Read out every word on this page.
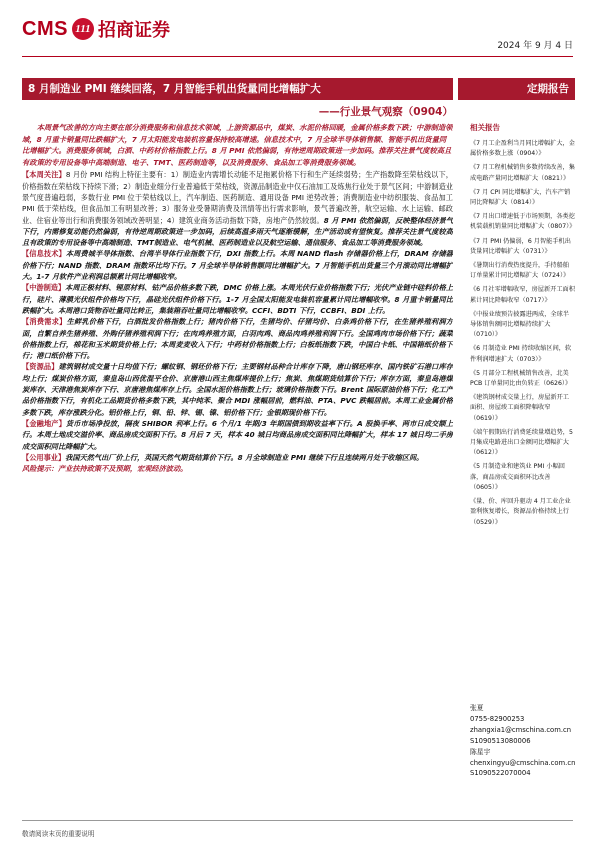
CMS 111 招商证券
2024 年 9 月 4 日
8 月制造业 PMI 继续回落，7 月智能手机出货量同比增幅扩大	定期报告
——行业景气观察（0904）

本周景气改善的方向主要在部分消费服务和信息技术领域，上游资源品中，煤炭、水泥价格回暖，金属价格多数下跌；中游制造领域，8 月重卡销量同比跌幅扩大，7 月太阳能发电装机容量保持较高增速。信息技术中，7 月全球半导体销售额、智能手机出货量同比增幅扩大。消费服务领域，白酒、中药材价格指数上行。8 月 PMI 依然偏弱，有待逆周期政策进一步加码。推荐关注景气度较高且有政策的专用设备等中高端制造、电子、TMT、医药制造等，以及消费服务、食品加工等消费服务领域。

【本周关注】8 月份 PMI 结构上特征主要有：1）制造业内需增长动能不足拖累价格下行和生产延续弱势；生产指数降至荣枯线以下，价格指数在荣枯线下持续下滑；2）制造业细分行业普遍低于荣枯线，资源品制造业中仅石油加工及炼焦行业处于景气区间；中游制造业景气度普遍趋弱，多数行业 PMI 位于荣枯线以上，汽车制造、医药制造、通用设备 PMI 逆势改善；消费制造业中纺织服装、食品加工 PMI 低于荣枯线，但食品加工有明显改善；3）服务业受暑期消费及汛情等出行需求影响，景气普遍改善，航空运输、水上运输、邮政业、住宿业等出行和消费服务领域改善明显；4）建筑业商务活动指数下降，房地产仍然较弱。8 月 PMI 依然偏弱，反映整体经济景气下行，内需修复动能仍然偏弱，有待逆周期政策进一步加码，后续高温多雨天气逐渐缓解，生产活动或有望恢复。推荐关注景气度较高且有政策的专用设备等中高端制造、TMT制造业、电气机械、医药制造业以及航空运输、通信服务、食品加工等消费服务领域。

【信息技术】本周费城半导体指数、台湾半导体行业指数下行，DXI 指数上行。本周 NAND flash 存储器价格上行，DRAM 存储器价格下行；NAND 指数、DRAM 指数环比均下行。7 月全球半导体销售额同比增幅扩大。7 月智能手机出货量三个月滚动同比增幅扩大。1-7 月软件产业利润总额累计同比增幅收窄。

【中游制造】本周正极材料、锂原材料、钴产品价格多数下跌，DMC 价格上涨。本周光伏行业价格指数下行；光伏产业链中硅料价格上行，硅片、薄膜光伏组件价格均下行，晶硅光伏组件价格下行。1-7 月全国太阳能发电装机容量累计同比增幅收窄。8 月重卡销量同比跌幅扩大。本周港口货物吞吐量同比转正，集装箱吞吐量同比增幅收窄。CCFI、BDTI 下行，CCBFI、BDI 上行。

【消费需求】生鲜乳价格下行，白酒批发价格指数上行；猪肉价格下行，生猪均价、仔猪均价、白条鸡价格下行，在生猪养殖利润方面，自繁自养生猪养殖、外购仔猪养殖利润下行；在肉鸡养殖方面，白羽肉鸡、商品肉鸡养殖利润下行。全国鸡肉市场价格下行；蔬菜价格指数上行，棉花和玉米期货价格上行；本周麦麦收入下行；中药材价格指数上行；白板纸指数下跌，中国白卡纸、中国箱纸价格下行；港口纸价格下行。

【资源品】建筑钢材成交量十日均值下行；螺纹钢、钢坯价格下行；主要钢材品种合计库存下降，唐山钢坯库存、国内铁矿石港口库存均上行；煤炭价格方面，秦皇岛山西优混平仓价、京唐港山西主焦煤库提价上行；焦炭、焦煤期货结算价下行；库存方面，秦皇岛港煤炭库存、天津港焦炭库存下行、京唐港焦煤库存上行。全国水泥价格指数上行；玻璃价格指数下行。Brent 国际原油价格下行；化工产品价格指数下行，有机化工品期货价格多数下跌，其中纯苯、聚合 MDI 涨幅居前，燃料油、PTA、PVC 跌幅居前。本周工业金属价格多数下跌，库存涨跌分化。铝价格上行，铜、铅、锌、锡、镍、铝价格下行；金银期现价格下行。

【金融地产】货币市场净投放，隔夜 SHIBOR 利率上行。6 个月/1 年期/3 年期国债到期收益率下行。A 股换手率、两市日成交额上行。本周土地成交溢价率、商品房成交面积下行。8 月后 7 天，样本 40 城日均商品房成交面积同比降幅扩大，样本 17 城日均二手房成交面积同比降幅扩大。

【公用事业】我国天然气出厂价上行，英国天然气期货结算价下行。8 月全球制造业 PMI 继续下行且连续两月处于收缩区间。

风险提示：产业扶持政策不及预期，宏观经济波动。

相关报告
《7 月工企盈利当月同比增幅扩大，金属价格多数上涨（0904）》
《7 月工程机械销售多数持续改善，集成电路产量同比增幅扩大（0821）》
《7 月 CPI 同比增幅扩大，汽车产销同比降幅扩大（0814）》
《7 月出口增速低于市场预期，各类挖机装载机销量同比增幅扩大（0807）》
《7 月 PMI 仍偏弱，6 月智能手机出货量同比增幅扩大（0731）》
《暑期出行消费热度提升，手持船舶订单量累计同比增幅扩大（0724）》
《6 月社零增幅收窄，房屋新开工面积累计同比降幅收窄（0717）》
《中报业绩预告披露进两成，全球半导体销售额同比增幅持续扩大（0710）》
《6 月制造业 PMI 持续收缩区间，软件利润增速扩大（0703）》
《5 月部分工程机械销售改善，北美 PCB 订单量同比由负转正（0626）》
《建筑钢材成交量上行，房屋新开工面积、房屋竣工面积降幅收窄（0619）》
《端午假期出行消费延续量增趋势，5 月集成电路进出口金额同比增幅扩大（0612）》
《5 月制造业和建筑业 PMI 小幅回落，商品房成交面积环比改善（0605）》
《量、价、库回升驱动 4 月工业企业盈利恢复增长，资源品价格持续上行（0529）》
张夏
0755-82900253
zhangxia1@cmschina.com.cn
S1090513080006
陈星宇
chenxingyu@cmschina.com.cn
S1090522070004
敬请阅读末页的重要说明
